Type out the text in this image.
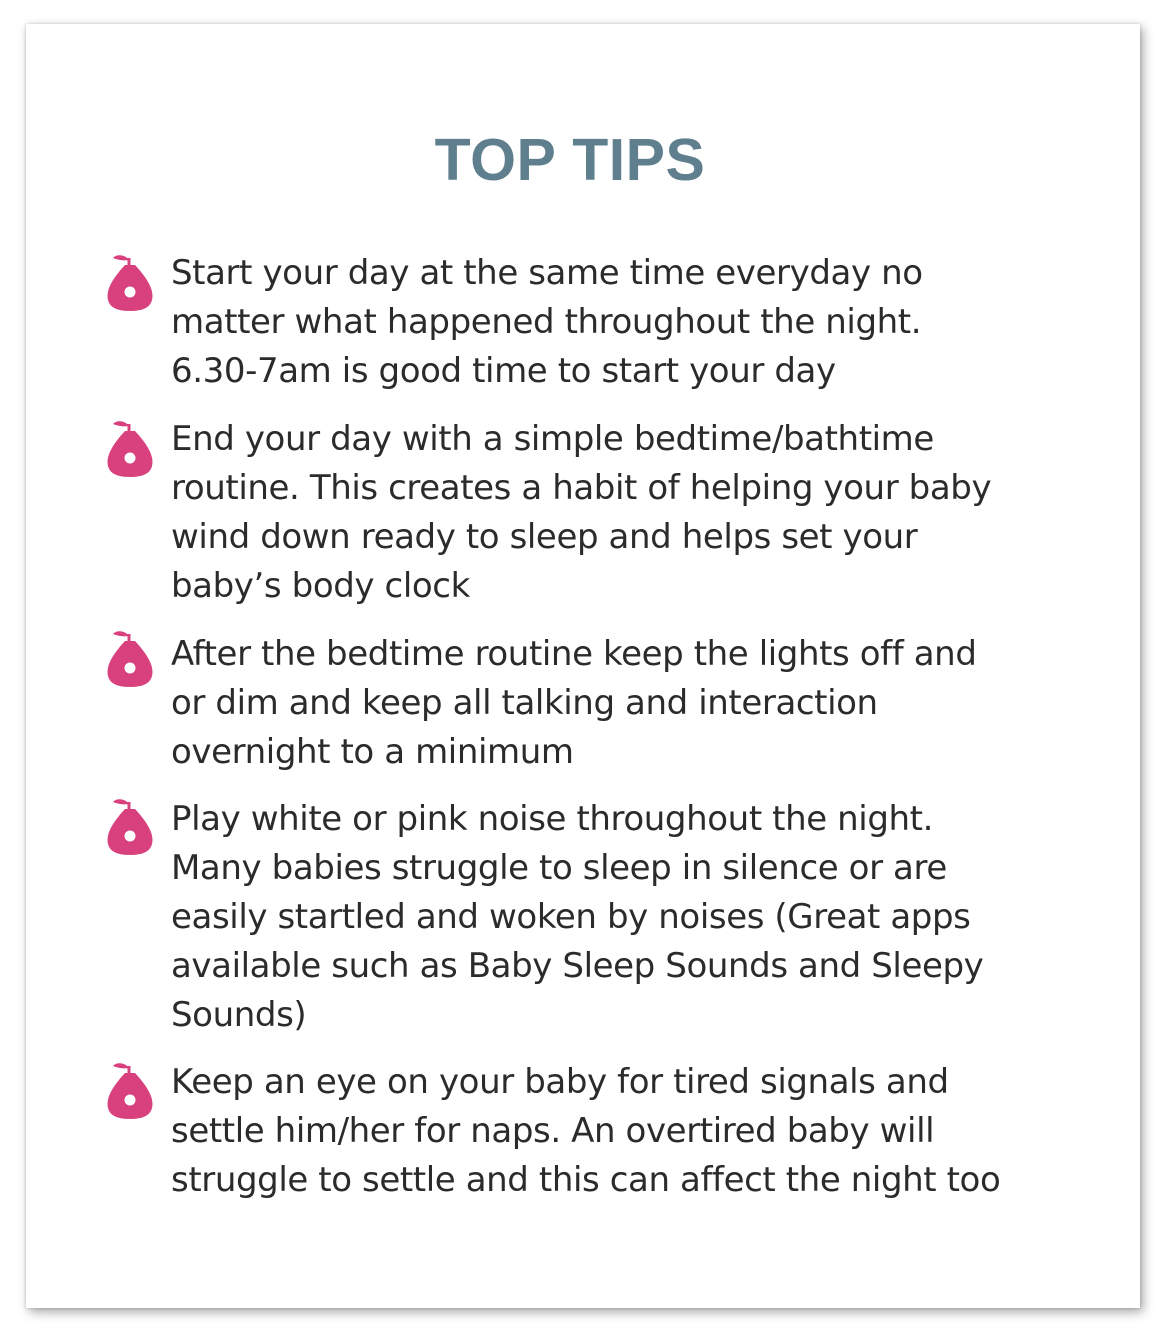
TOP TIPS

Start your day at the same time everyday no
matter what happened throughout the night.
6.30-7am is good time to start your day

End your day with a simple bedtime/bathtime
routine. This creates a habit of helping your baby
wind down ready to sleep and helps set your
baby’s body clock

After the bedtime routine keep the lights off and
or dim and keep all talking and interaction
overnight to a minimum

Play white or pink noise throughout the night.
Many babies struggle to sleep in silence or are
easily startled and woken by noises (Great apps
available such as Baby Sleep Sounds and Sleepy
Sounds)

Keep an eye on your baby for tired signals and
settle him/her for naps. An overtired baby will
struggle to settle and this can affect the night too
